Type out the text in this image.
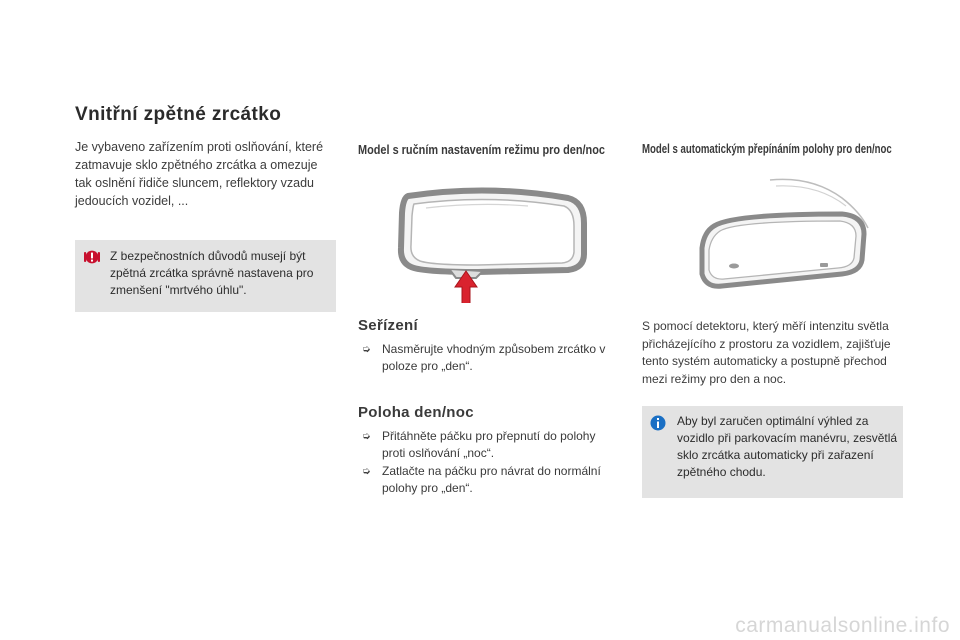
Vnitřní zpětné zrcátko

Je vybaveno zařízením proti oslňování, které zatmavuje sklo zpětného zrcátka a omezuje tak oslnění řidiče sluncem, reflektory vzadu jedoucích vozidel, ...

Z bezpečnostních důvodů musejí být zpětná zrcátka správně nastavena pro zmenšení "mrtvého úhlu".

Model s ručním nastavením režimu pro den/noc
Seřízení
➭ Nasměrujte vhodným způsobem zrcátko v poloze pro „den“.
Poloha den/noc
➭ Přitáhněte páčku pro přepnutí do polohy proti oslňování „noc“.
➭ Zatlačte na páčku pro návrat do normální polohy pro „den“.
Model s automatickým přepínáním polohy pro den/noc

S pomocí detektoru, který měří intenzitu světla přicházejícího z prostoru za vozidlem, zajišťuje tento systém automaticky a postupně přechod mezi režimy pro den a noc.

Aby byl zaručen optimální výhled za vozidlo při parkovacím manévru, zesvětlá sklo zrcátka automaticky při zařazení zpětného chodu.

carmanualsonline.info
